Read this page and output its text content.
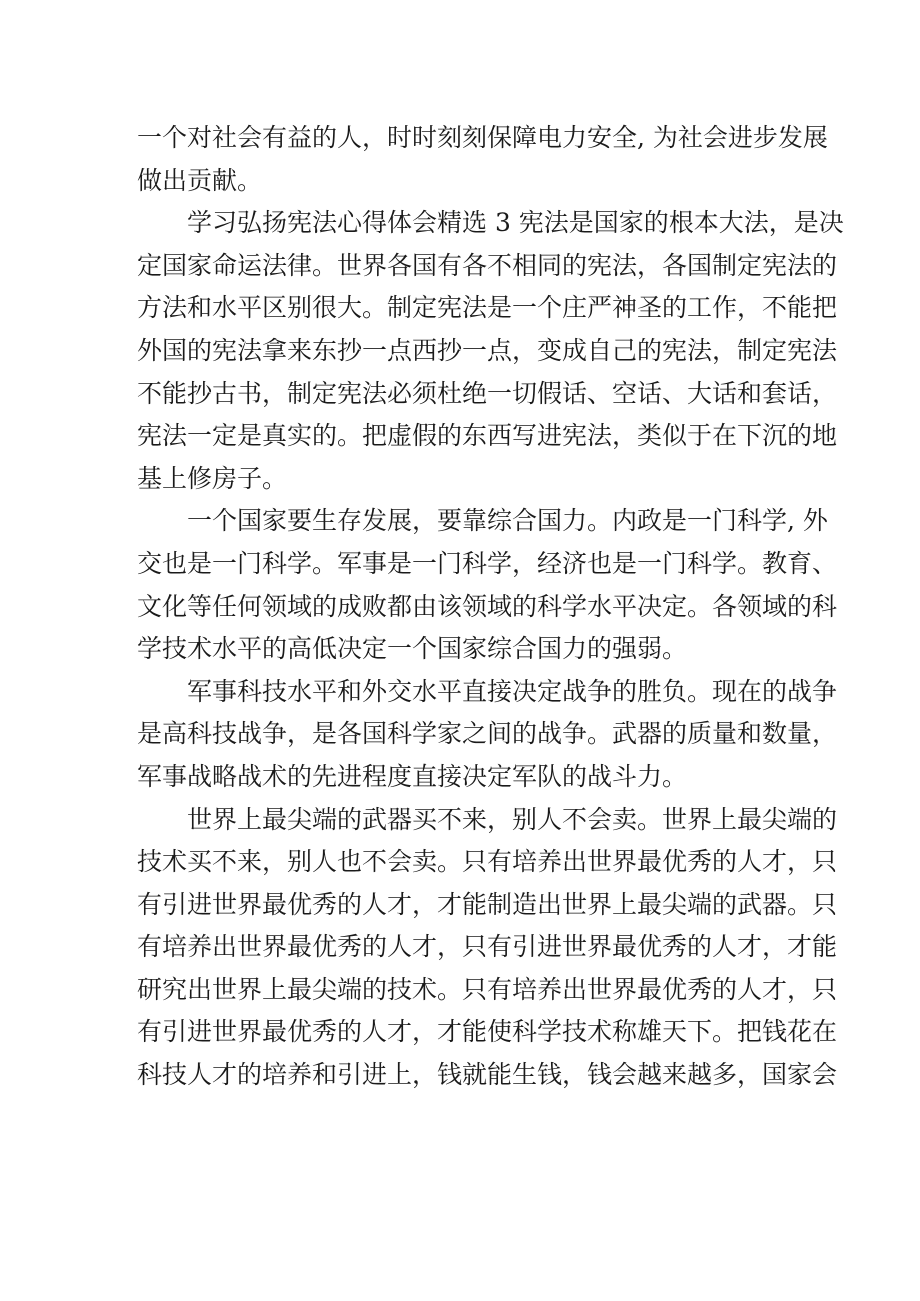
一个对社会有益的人，时时刻刻保障电力安全, 为社会进步发展
做出贡献。

学习弘扬宪法心得体会精选 3 宪法是国家的根本大法，是决
定国家命运法律。世界各国有各不相同的宪法，各国制定宪法的
方法和水平区别很大。制定宪法是一个庄严神圣的工作，不能把
外国的宪法拿来东抄一点西抄一点，变成自己的宪法，制定宪法
不能抄古书，制定宪法必须杜绝一切假话、空话、大话和套话，
宪法一定是真实的。把虚假的东西写进宪法，类似于在下沉的地
基上修房子。

一个国家要生存发展，要靠综合国力。内政是一门科学, 外
交也是一门科学。军事是一门科学，经济也是一门科学。教育、
文化等任何领域的成败都由该领域的科学水平决定。各领域的科
学技术水平的高低决定一个国家综合国力的强弱。

军事科技水平和外交水平直接决定战争的胜负。现在的战争
是高科技战争，是各国科学家之间的战争。武器的质量和数量，
军事战略战术的先进程度直接决定军队的战斗力。

世界上最尖端的武器买不来，别人不会卖。世界上最尖端的
技术买不来，别人也不会卖。只有培养出世界最优秀的人才，只
有引进世界最优秀的人才，才能制造出世界上最尖端的武器。只
有培养出世界最优秀的人才，只有引进世界最优秀的人才，才能
研究出世界上最尖端的技术。只有培养出世界最优秀的人才，只
有引进世界最优秀的人才，才能使科学技术称雄天下。把钱花在
科技人才的培养和引进上，钱就能生钱，钱会越来越多，国家会
